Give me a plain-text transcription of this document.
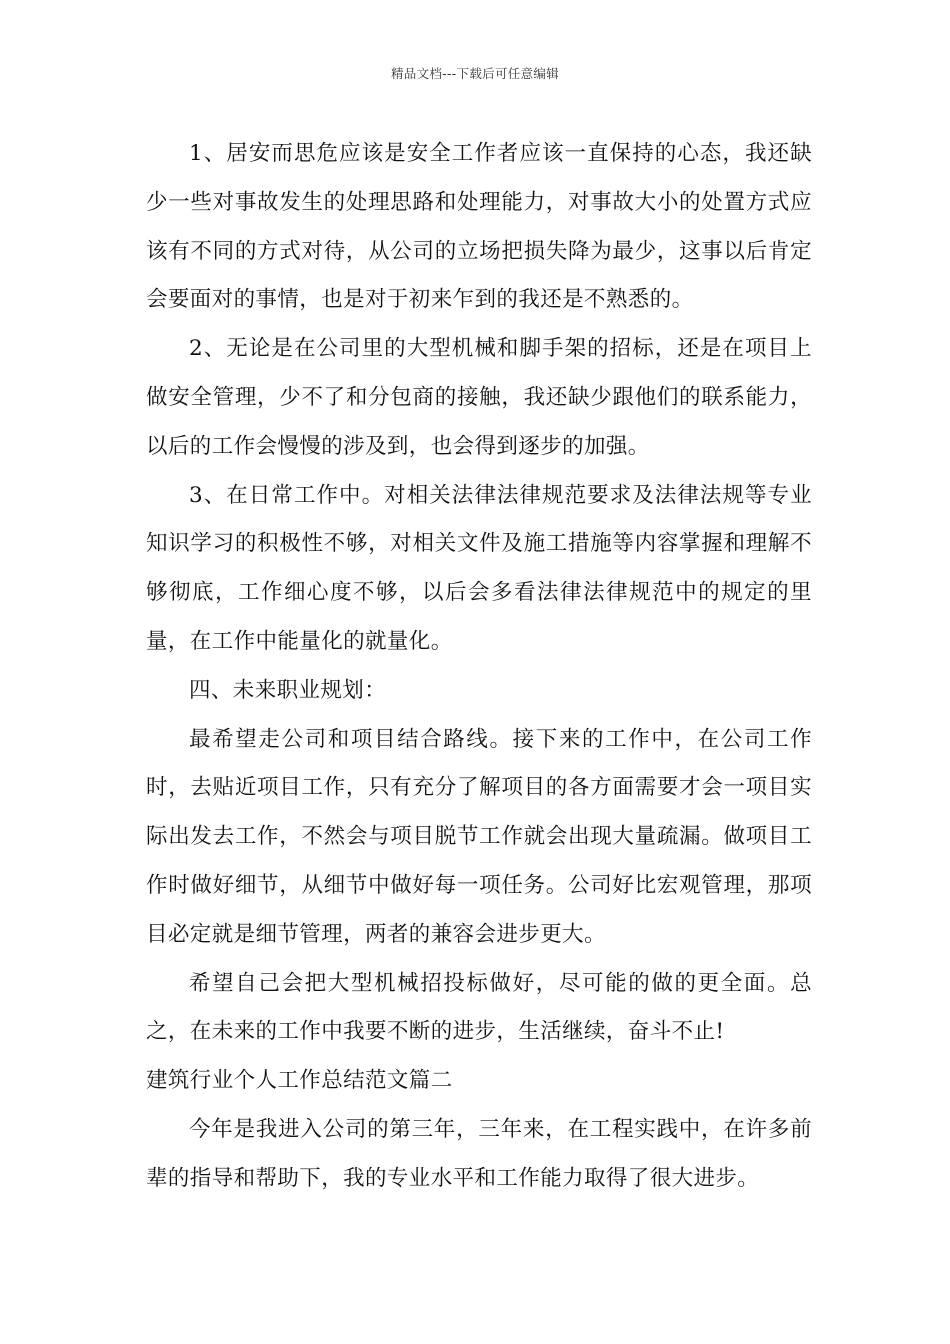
精品文档---下载后可任意编辑

1、居安而思危应该是安全工作者应该一直保持的心态，我还缺少一些对事故发生的处理思路和处理能力，对事故大小的处置方式应该有不同的方式对待，从公司的立场把损失降为最少，这事以后肯定会要面对的事情，也是对于初来乍到的我还是不熟悉的。

2、无论是在公司里的大型机械和脚手架的招标，还是在项目上做安全管理，少不了和分包商的接触，我还缺少跟他们的联系能力，以后的工作会慢慢的涉及到，也会得到逐步的加强。

3、在日常工作中。对相关法律法律规范要求及法律法规等专业知识学习的积极性不够，对相关文件及施工措施等内容掌握和理解不够彻底，工作细心度不够，以后会多看法律法律规范中的规定的里量，在工作中能量化的就量化。

四、未来职业规划：

最希望走公司和项目结合路线。接下来的工作中，在公司工作时，去贴近项目工作，只有充分了解项目的各方面需要才会一项目实际出发去工作，不然会与项目脱节工作就会出现大量疏漏。做项目工作时做好细节，从细节中做好每一项任务。公司好比宏观管理，那项目必定就是细节管理，两者的兼容会进步更大。

希望自己会把大型机械招投标做好，尽可能的做的更全面。总之，在未来的工作中我要不断的进步，生活继续，奋斗不止!

建筑行业个人工作总结范文篇二

今年是我进入公司的第三年，三年来，在工程实践中，在许多前辈的指导和帮助下，我的专业水平和工作能力取得了很大进步。
